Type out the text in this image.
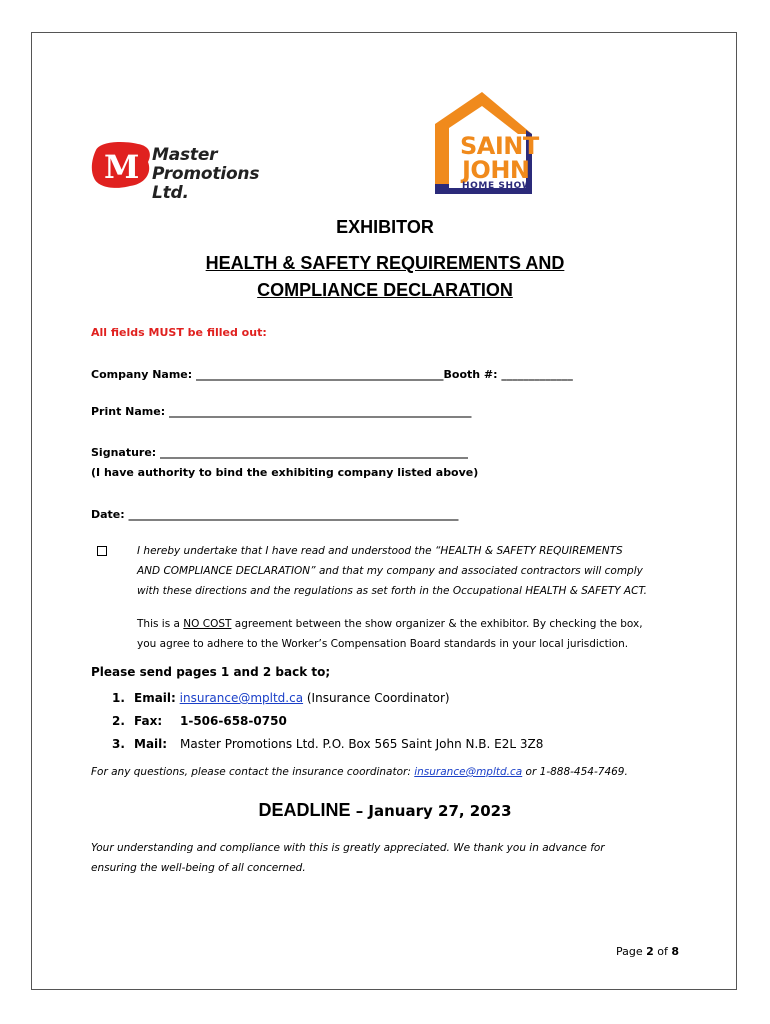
M Master
Promotions Ltd.
SAINT
JOHN
HOME SHOW
EXHIBITOR
HEALTH & SAFETY REQUIREMENTS AND
COMPLIANCE DECLARATION
All fields MUST be filled out:
Company Name: _____________________________________________Booth #: _____________
Print Name: _______________________________________________________
Signature: ________________________________________________________
(I have authority to bind the exhibiting company listed above)
Date: ____________________________________________________________
I hereby undertake that I have read and understood the “HEALTH & SAFETY REQUIREMENTS
AND COMPLIANCE DECLARATION” and that my company and associated contractors will comply
with these directions and the regulations as set forth in the Occupational HEALTH & SAFETY ACT.
This is a NO COST agreement between the show organizer & the exhibitor. By checking the box,
you agree to adhere to the Worker’s Compensation Board standards in your local jurisdiction.
Please send pages 1 and 2 back to;
1. Email: insurance@mpltd.ca (Insurance Coordinator)
2. Fax: 1-506-658-0750
3. Mail: Master Promotions Ltd. P.O. Box 565 Saint John N.B. E2L 3Z8
For any questions, please contact the insurance coordinator: insurance@mpltd.ca or 1-888-454-7469.
DEADLINE – January 27, 2023
Your understanding and compliance with this is greatly appreciated. We thank you in advance for
ensuring the well-being of all concerned.
Page 2 of 8
